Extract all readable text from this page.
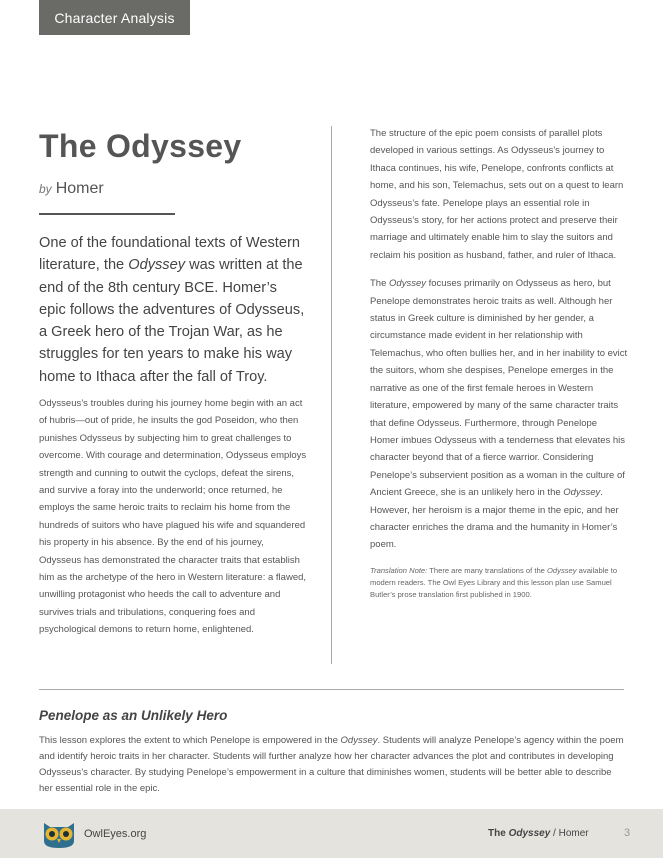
Character Analysis
The Odyssey
by Homer
One of the foundational texts of Western literature, the Odyssey was written at the end of the 8th century BCE. Homer’s epic follows the adventures of Odysseus, a Greek hero of the Trojan War, as he struggles for ten years to make his way home to Ithaca after the fall of Troy.
Odysseus’s troubles during his journey home begin with an act of hubris—out of pride, he insults the god Poseidon, who then punishes Odysseus by subjecting him to great challenges to overcome. With courage and determination, Odysseus employs strength and cunning to outwit the cyclops, defeat the sirens, and survive a foray into the underworld; once returned, he employs the same heroic traits to reclaim his home from the hundreds of suitors who have plagued his wife and squandered his property in his absence. By the end of his journey, Odysseus has demonstrated the character traits that establish him as the archetype of the hero in Western literature: a flawed, unwilling protagonist who heeds the call to adventure and survives trials and tribulations, conquering foes and psychological demons to return home, enlightened.

The structure of the epic poem consists of parallel plots developed in various settings. As Odysseus’s journey to Ithaca continues, his wife, Penelope, confronts conflicts at home, and his son, Telemachus, sets out on a quest to learn Odysseus’s fate. Penelope plays an essential role in Odysseus’s story, for her actions protect and preserve their marriage and ultimately enable him to slay the suitors and reclaim his position as husband, father, and ruler of Ithaca.

The Odyssey focuses primarily on Odysseus as hero, but Penelope demonstrates heroic traits as well. Although her status in Greek culture is diminished by her gender, a circumstance made evident in her relationship with Telemachus, who often bullies her, and in her inability to evict the suitors, whom she despises, Penelope emerges in the narrative as one of the first female heroes in Western literature, empowered by many of the same character traits that define Odysseus. Furthermore, through Penelope Homer imbues Odysseus with a tenderness that elevates his character beyond that of a fierce warrior. Considering Penelope’s subservient position as a woman in the culture of Ancient Greece, she is an unlikely hero in the Odyssey. However, her heroism is a major theme in the epic, and her character enriches the drama and the humanity in Homer’s poem.

Translation Note: There are many translations of the Odyssey available to modern readers. The Owl Eyes Library and this lesson plan use Samuel Butler’s prose translation first published in 1900.
Penelope as an Unlikely Hero
This lesson explores the extent to which Penelope is empowered in the Odyssey. Students will analyze Penelope’s agency within the poem and identify heroic traits in her character. Students will further analyze how her character advances the plot and contributes in developing Odysseus’s character. By studying Penelope’s empowerment in a culture that diminishes women, students will be better able to describe her essential role in the epic.
OwlEyes.org	The Odyssey / Homer	3
